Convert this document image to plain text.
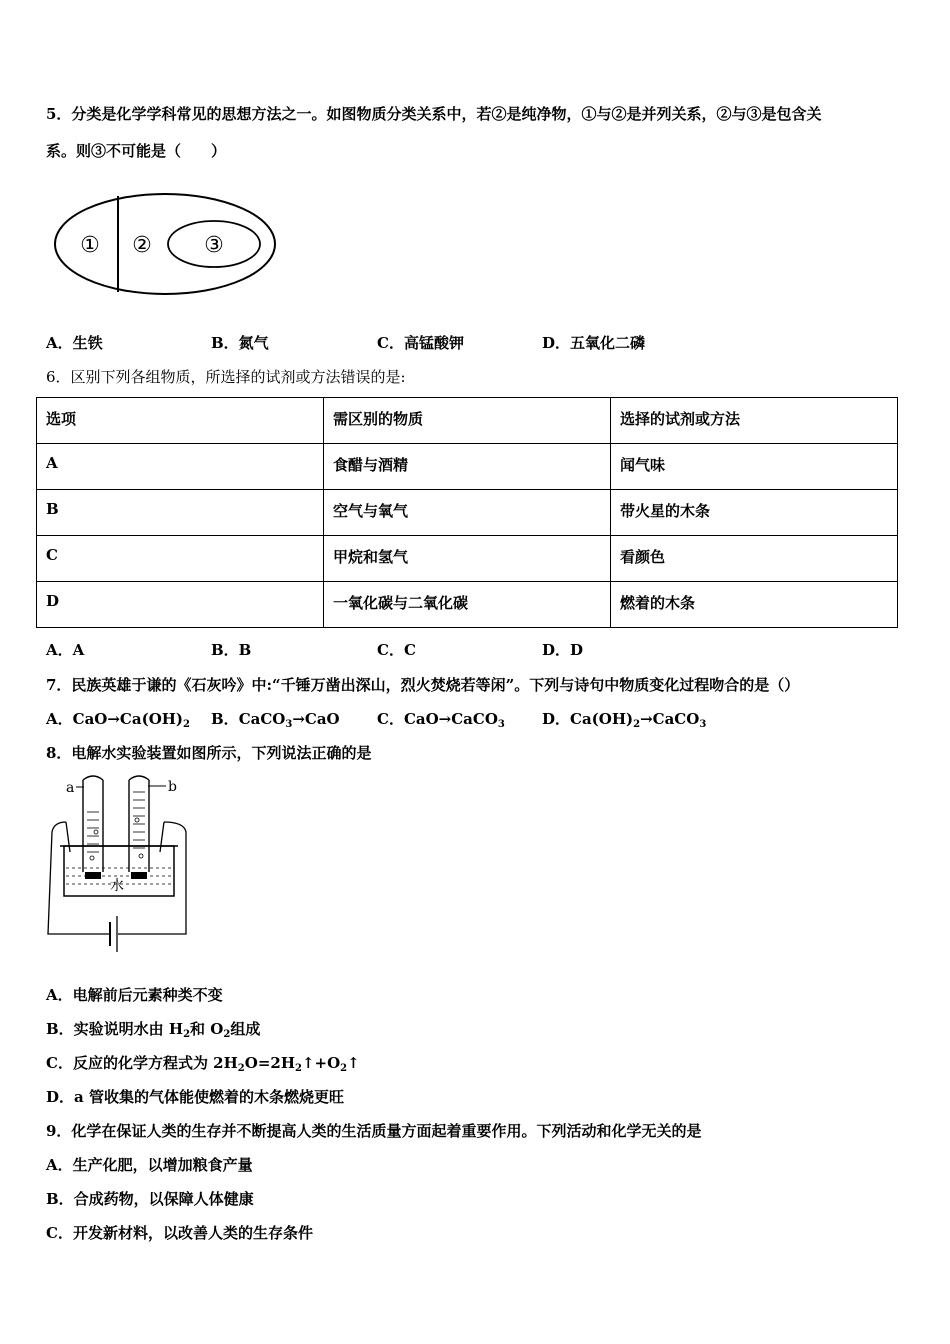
5．分类是化学学科常见的思想方法之一。如图物质分类关系中，若②是纯净物，①与②是并列关系，②与③是包含关
系。则③不可能是（　　）
① ② ③
A．生铁	B．氮气	C．高锰酸钾	D．五氧化二磷
6．区别下列各组物质，所选择的试剂或方法错误的是:
选项	需区别的物质	选择的试剂或方法
A	食醋与酒精	闻气味
B	空气与氧气	带火星的木条
C	甲烷和氢气	看颜色
D	一氧化碳与二氧化碳	燃着的木条
A．A	B．B	C．C	D．D
7．民族英雄于谦的《石灰吟》中:“千锤万凿出深山，烈火焚烧若等闲”。下列与诗句中物质变化过程吻合的是（）
A．$CaO\to Ca(OH)_2$ B．CaCO$_3$→CaO C．CaO→CaCO$_3$ D．$Ca(OH)_2\to CaCO_3$
8．电解水实验装置如图所示，下列说法正确的是
a	b
水
A．电解前后元素种类不变
B．实验说明水由 $H_2$和 $O_2$组成
C．反应的化学方程式为 $2H_2O=2H_2↑+O_2↑$
D．a 管收集的气体能使燃着的木条燃烧更旺
9．化学在保证人类的生存并不断提高人类的生活质量方面起着重要作用。下列活动和化学无关的是
A．生产化肥，以增加粮食产量
B．合成药物，以保障人体健康
C．开发新材料，以改善人类的生存条件
